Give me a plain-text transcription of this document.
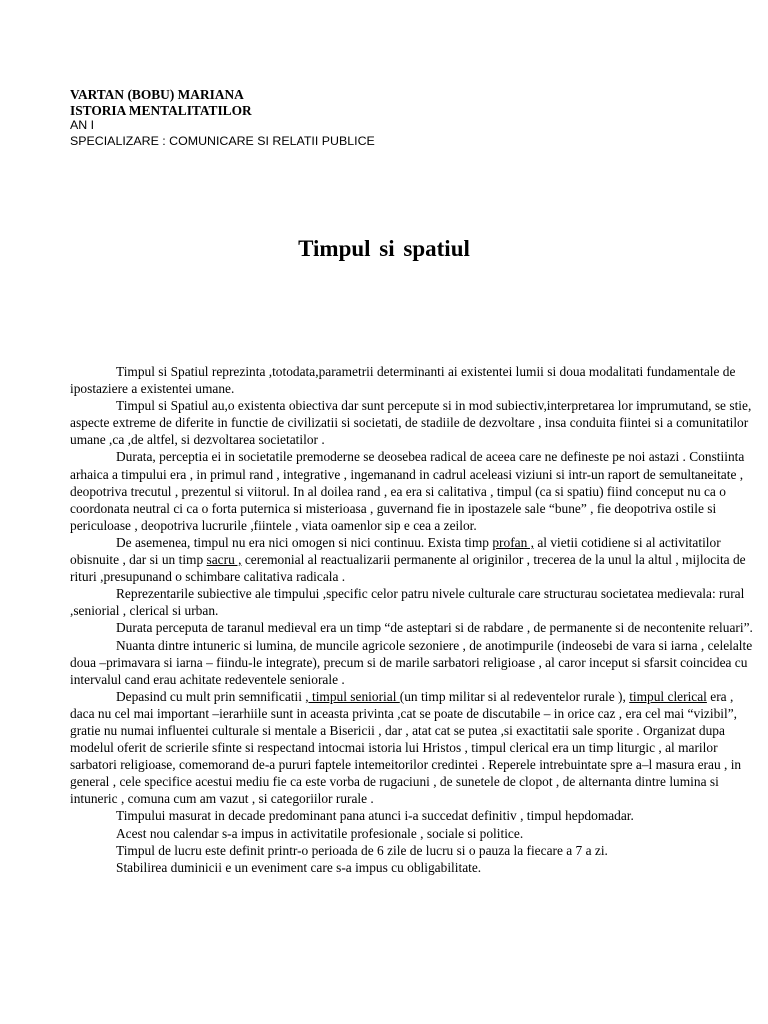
VARTAN (BOBU) MARIANA
ISTORIA MENTALITATILOR
AN I
SPECIALIZARE : COMUNICARE SI RELATII PUBLICE
Timpul si spatiul

Timpul si Spatiul reprezinta ,totodata,parametrii determinanti ai existentei lumii si doua modalitati fundamentale de ipostaziere a existentei umane.

Timpul si Spatiul au,o existenta obiectiva dar sunt percepute si in mod subiectiv,interpretarea lor imprumutand, se stie, aspecte extreme de diferite in functie de civilizatii si societati, de stadiile de dezvoltare , insa conduita fiintei si a comunitatilor umane ,ca ,de altfel, si dezvoltarea societatilor .

Durata, perceptia ei in societatile premoderne se deosebea radical de aceea care ne defineste pe noi astazi . Constiinta arhaica a timpului era , in primul rand , integrative , ingemanand in cadrul aceleasi viziuni si intr-un raport de semultaneitate , deopotriva trecutul , prezentul si viitorul. In al doilea rand , ea era si calitativa , timpul (ca si spatiu) fiind conceput nu ca o coordonata neutral ci ca o forta puternica si misterioasa , guvernand fie in ipostazele sale “bune” , fie deopotriva ostile si periculoase , deopotriva lucrurile ,fiintele , viata oamenlor sip e cea a zeilor.

De asemenea, timpul nu era nici omogen si nici continuu. Exista timp profan , al vietii cotidiene si al activitatilor obisnuite , dar si un timp sacru , ceremonial al reactualizarii permanente al originilor , trecerea de la unul la altul , mijlocita de rituri ,presupunand o schimbare calitativa radicala .

Reprezentarile subiective ale timpului ,specific celor patru nivele culturale care structurau societatea medievala: rural ,seniorial , clerical si urban.

Durata perceputa de taranul medieval era un timp “de asteptari si de rabdare , de permanente si de necontenite reluari”.

Nuanta dintre intuneric si lumina, de muncile agricole sezoniere , de anotimpurile (indeosebi de vara si iarna , celelalte doua –primavara si iarna – fiindu-le integrate), precum si de marile sarbatori religioase , al caror inceput si sfarsit coincidea cu intervalul cand erau achitate redeventele seniorale .

Depasind cu mult prin semnificatii , timpul seniorial (un timp militar si al redeventelor rurale ), timpul clerical era , daca nu cel mai important –ierarhiile sunt in aceasta privinta ,cat se poate de discutabile – in orice caz , era cel mai “vizibil”, gratie nu numai influentei culturale si mentale a Bisericii , dar , atat cat se putea ,si exactitatii sale sporite . Organizat dupa modelul oferit de scrierile sfinte si respectand intocmai istoria lui Hristos , timpul clerical era un timp liturgic , al marilor sarbatori religioase, comemorand de-a pururi faptele intemeitorilor credintei . Reperele intrebuintate spre a–l masura erau , in general , cele specifice acestui mediu fie ca este vorba de rugaciuni , de sunetele de clopot , de alternanta dintre lumina si intuneric , comuna cum am vazut , si categoriilor rurale .

Timpului masurat in decade predominant pana atunci i-a succedat definitiv , timpul hepdomadar.

Acest nou calendar s-a impus in activitatile profesionale , sociale si politice.

Timpul de lucru este definit printr-o perioada de 6 zile de lucru si o pauza la fiecare a 7 a zi.

Stabilirea duminicii e un eveniment care s-a impus cu obligabilitate.
